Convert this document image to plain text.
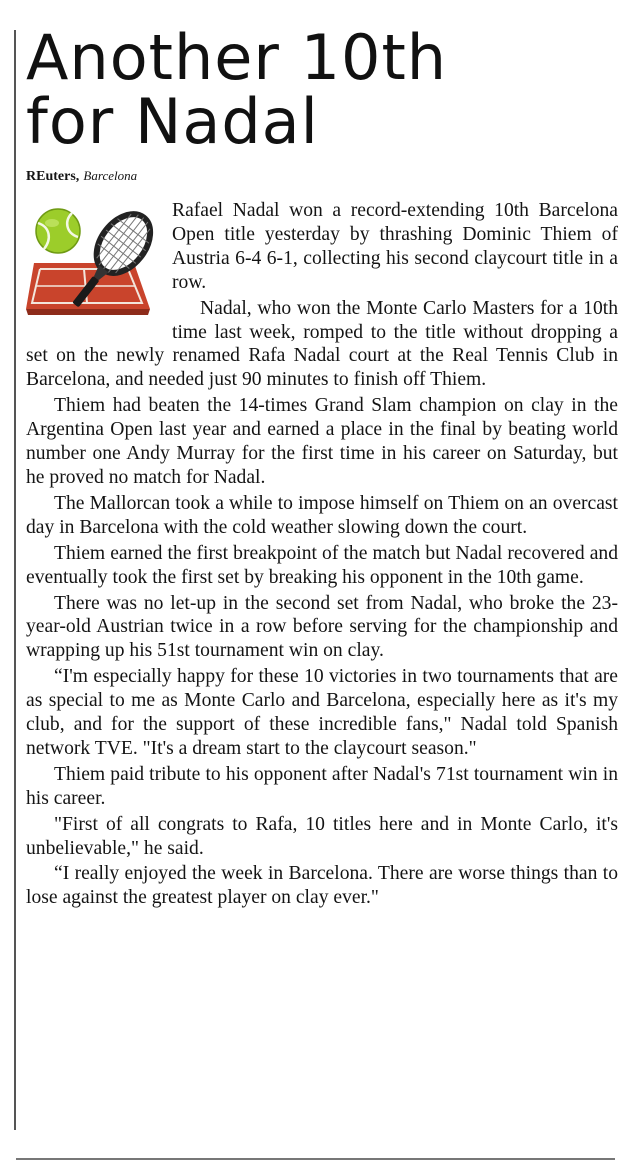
Another 10th
for Nadal
REuters, Barcelona

Rafael Nadal won a record-extending 10th Barcelona Open title yesterday by thrashing Dominic Thiem of Austria 6-4 6-1, collecting his second claycourt title in a row.

Nadal, who won the Monte Carlo Masters for a 10th time last week, romped to the title without dropping a set on the newly renamed Rafa Nadal court at the Real Tennis Club in Barcelona, and needed just 90 minutes to finish off Thiem.

Thiem had beaten the 14-times Grand Slam champion on clay in the Argentina Open last year and earned a place in the final by beating world number one Andy Murray for the first time in his career on Saturday, but he proved no match for Nadal.

The Mallorcan took a while to impose himself on Thiem on an overcast day in Barcelona with the cold weather slowing down the court.

Thiem earned the first breakpoint of the match but Nadal recovered and eventually took the first set by breaking his opponent in the 10th game.

There was no let-up in the second set from Nadal, who broke the 23-year-old Austrian twice in a row before serving for the championship and wrapping up his 51st tournament win on clay.

“I'm especially happy for these 10 victories in two tournaments that are as special to me as Monte Carlo and Barcelona, especially here as it's my club, and for the support of these incredible fans," Nadal told Spanish network TVE. "It's a dream start to the claycourt season."

Thiem paid tribute to his opponent after Nadal's 71st tournament win in his career.

"First of all congrats to Rafa, 10 titles here and in Monte Carlo, it's unbelievable," he said.

“I really enjoyed the week in Barcelona. There are worse things than to lose against the greatest player on clay ever."
